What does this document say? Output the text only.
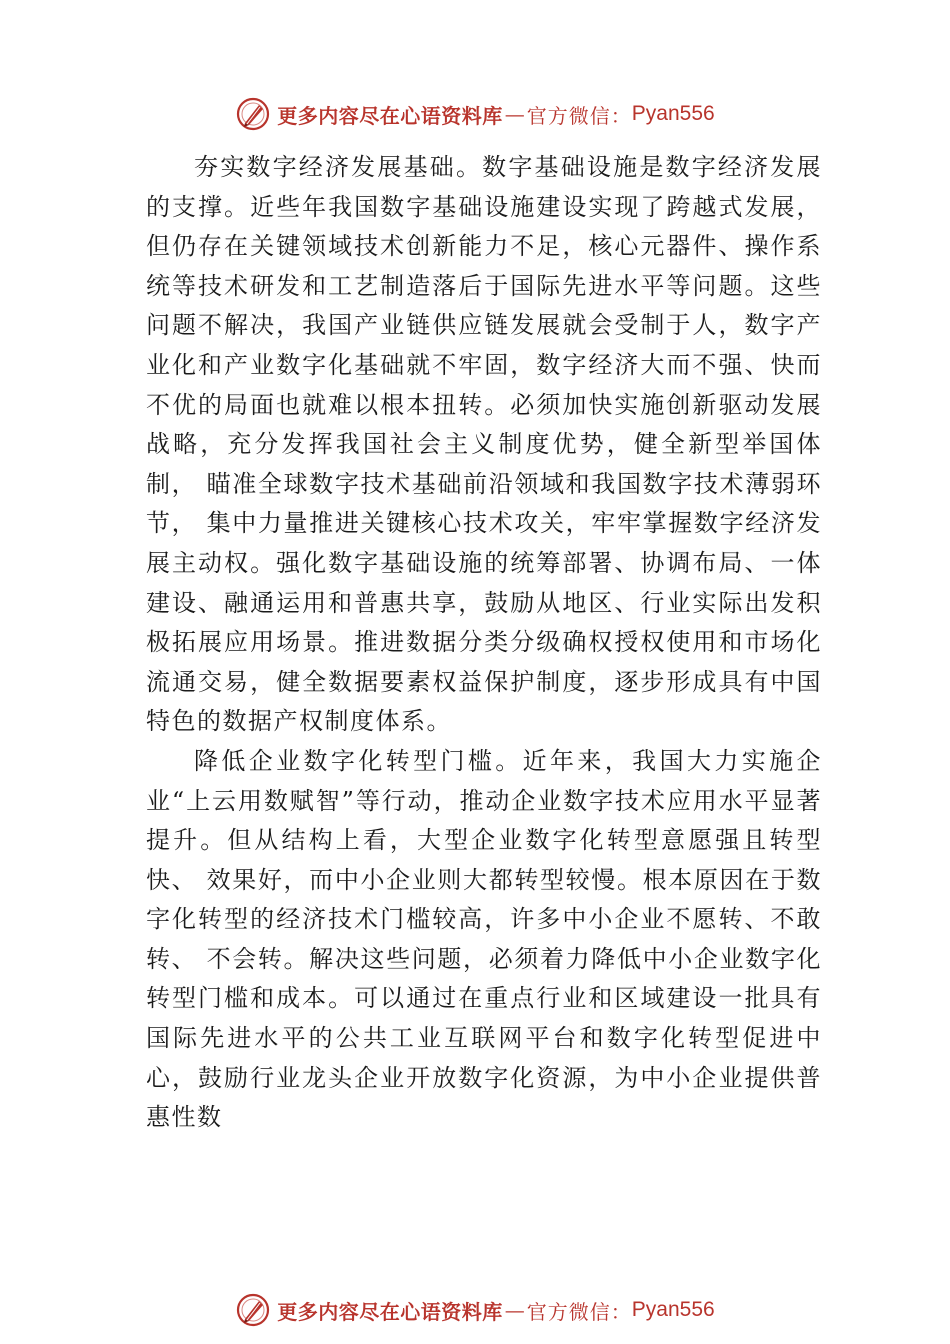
更多内容尽在心语资料库 — 官方微信： Pyan556

夯实数字经济发展基础。数字基础设施是数字经济发展的支撑。近些年我国数字基础设施建设实现了跨越式发展， 但仍存在关键领域技术创新能力不足，核心元器件、操作系统等技术研发和工艺制造落后于国际先进水平等问题。这些问题不解决，我国产业链供应链发展就会受制于人，数字产业化和产业数字化基础就不牢固，数字经济大而不强、快而不优的局面也就难以根本扭转。必须加快实施创新驱动发展战略，充分发挥我国社会主义制度优势，健全新型举国体制， 瞄准全球数字技术基础前沿领域和我国数字技术薄弱环节， 集中力量推进关键核心技术攻关，牢牢掌握数字经济发展主动权。强化数字基础设施的统筹部署、协调布局、一体建设、融通运用和普惠共享，鼓励从地区、行业实际出发积极拓展应用场景。推进数据分类分级确权授权使用和市场化流通交易，健全数据要素权益保护制度，逐步形成具有中国特色的数据产权制度体系。

降低企业数字化转型门槛。近年来，我国大力实施企业“上云用数赋智”等行动，推动企业数字技术应用水平显著提升。但从结构上看，大型企业数字化转型意愿强且转型快、 效果好，而中小企业则大都转型较慢。根本原因在于数字化转型的经济技术门槛较高，许多中小企业不愿转、不敢转、 不会转。解决这些问题，必须着力降低中小企业数字化转型门槛和成本。可以通过在重点行业和区域建设一批具有国际先进水平的公共工业互联网平台和数字化转型促进中心，鼓励行业龙头企业开放数字化资源，为中小企业提供普惠性数

更多内容尽在心语资料库 — 官方微信： Pyan556
